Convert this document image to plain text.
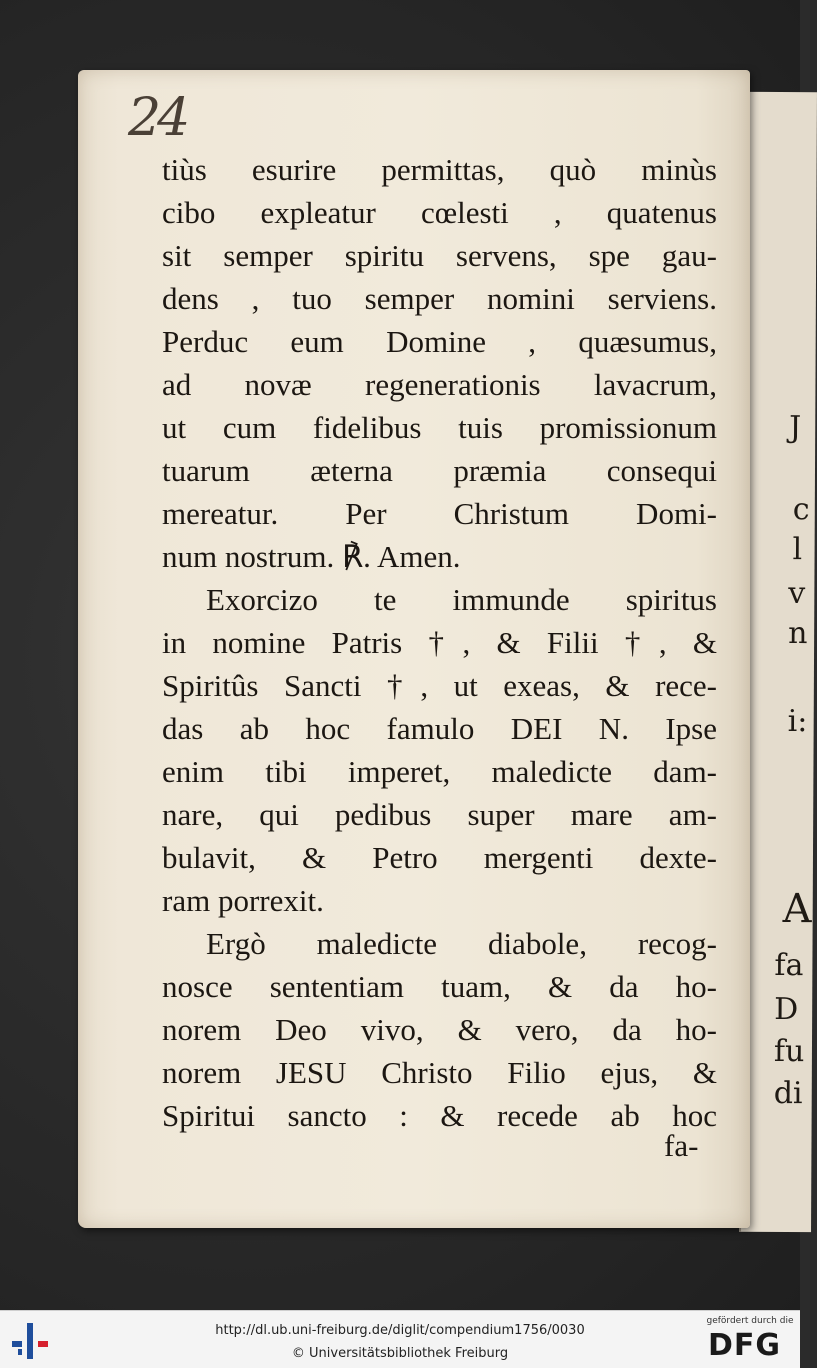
J
c
l
v
n
i:
A
fa
D
fu
di
24
tiùs esurire permittas, quò minùs
cibo expleatur cœlesti , quatenus
sit semper spiritu servens, spe gau-
dens , tuo semper nomini serviens.
Perduc eum Domine , quæsumus,
ad novæ regenerationis lavacrum,
ut cum fidelibus tuis promissionum
tuarum æterna præmia consequi
mereatur. Per Christum Domi-
num nostrum. ℟. Amen.
Exorcizo te immunde spiritus
in nomine Patris †, & Filii †, &
Spiritûs Sancti †, ut exeas, & rece-
das ab hoc famulo DEI N. Ipse
enim tibi imperet, maledicte dam-
nare, qui pedibus super mare am-
bulavit, & Petro mergenti dexte-
ram porrexit.
Ergò maledicte diabole, recog-
nosce sententiam tuam, & da ho-
norem Deo vivo, & vero, da ho-
norem JESU Christo Filio ejus, &
Spiritui sancto : & recede ab hoc
fa-
http://dl.ub.uni-freiburg.de/diglit/compendium1756/0030
© Universitätsbibliothek Freiburg
gefördert durch die
DFG
